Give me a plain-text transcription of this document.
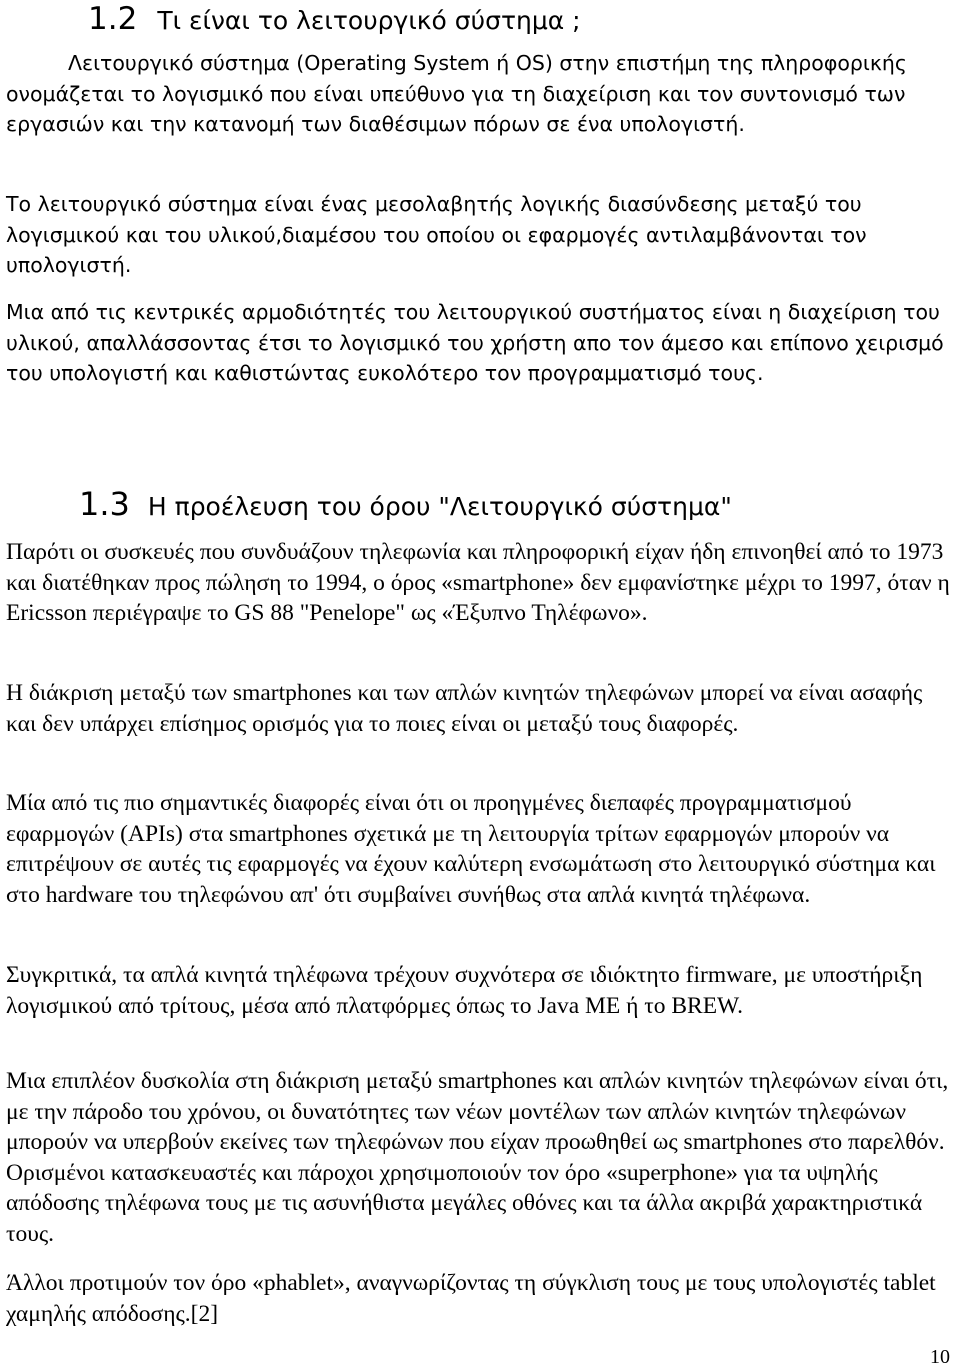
1.2 Τι είναι το λειτουργικό σύστημα ;

Λειτουργικό σύστημα (Operating System ή OS) στην επιστήμη της πληροφορικής ονομάζεται το λογισμικό που είναι υπεύθυνο για τη διαχείριση και τον συντονισμό των εργασιών και την κατανομή των διαθέσιμων πόρων σε ένα υπολογιστή.

Το λειτουργικό σύστημα είναι ένας μεσολαβητής λογικής διασύνδεσης μεταξύ του λογισμικού και του υλικού,διαμέσου του οποίου οι εφαρμογές αντιλαμβάνονται τον υπολογιστή.

Μια από τις κεντρικές αρμοδιότητές του λειτουργικού συστήματος είναι η διαχείριση του υλικού, απαλλάσσοντας έτσι το λογισμικό του χρήστη απο τον άμεσο και επίπονο χειρισμό του υπολογιστή και καθιστώντας ευκολότερο τον προγραμματισμό τους.

1.3 Η προέλευση του όρου "Λειτουργικό σύστημα"

Παρότι οι συσκευές που συνδυάζουν τηλεφωνία και πληροφορική είχαν ήδη επινοηθεί από το 1973 και διατέθηκαν προς πώληση το 1994, ο όρος «smartphone» δεν εμφανίστηκε μέχρι το 1997, όταν η Ericsson περιέγραψε το GS 88 "Penelope" ως «Έξυπνο Τηλέφωνο».

Η διάκριση μεταξύ των smartphones και των απλών κινητών τηλεφώνων μπορεί να είναι ασαφής και δεν υπάρχει επίσημος ορισμός για το ποιες είναι οι μεταξύ τους διαφορές.

Μία από τις πιο σημαντικές διαφορές είναι ότι οι προηγμένες διεπαφές προγραμματισμού εφαρμογών (APIs) στα smartphones σχετικά με τη λειτουργία τρίτων εφαρμογών μπορούν να επιτρέψουν σε αυτές τις εφαρμογές να έχουν καλύτερη ενσωμάτωση στο λειτουργικό σύστημα και στο hardware του τηλεφώνου απ' ότι συμβαίνει συνήθως στα απλά κινητά τηλέφωνα.

Συγκριτικά, τα απλά κινητά τηλέφωνα τρέχουν συχνότερα σε ιδιόκτητο firmware, με υποστήριξη λογισμικού από τρίτους, μέσα από πλατφόρμες όπως το Java ME ή το BREW.

Μια επιπλέον δυσκολία στη διάκριση μεταξύ smartphones και απλών κινητών τηλεφώνων είναι ότι, με την πάροδο του χρόνου, οι δυνατότητες των νέων μοντέλων των απλών κινητών τηλεφώνων μπορούν να υπερβούν εκείνες των τηλεφώνων που είχαν προωθηθεί ως smartphones στο παρελθόν. Ορισμένοι κατασκευαστές και πάροχοι χρησιμοποιούν τον όρο «superphone» για τα υψηλής απόδοσης τηλέφωνα τους με τις ασυνήθιστα μεγάλες οθόνες και τα άλλα ακριβά χαρακτηριστικά τους.

Άλλοι προτιμούν τον όρο «phablet», αναγνωρίζοντας τη σύγκλιση τους με τους υπολογιστές tablet χαμηλής απόδοσης.[2]

10
